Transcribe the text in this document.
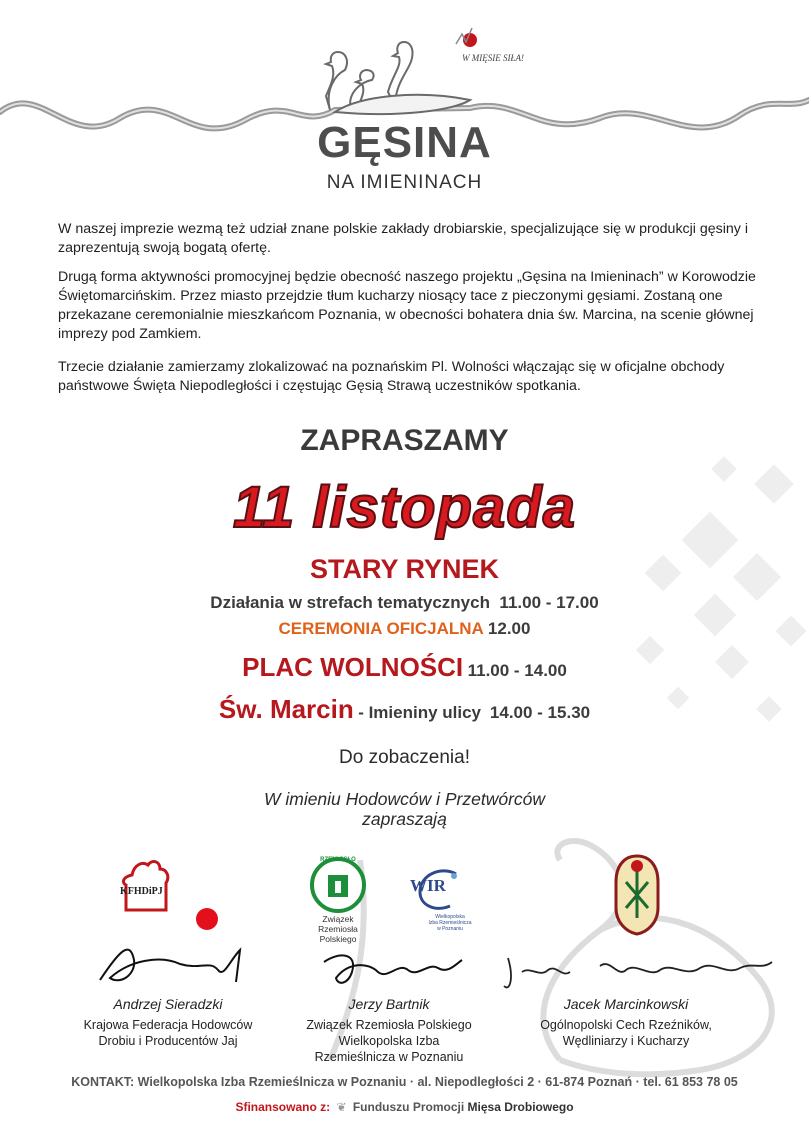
W MIĘSIE SIŁA!
GĘSINA
NA IMIENINACH
W naszej imprezie wezmą też udział znane polskie zakłady drobiarskie, specjalizujące się w produkcji gęsiny i zaprezentują swoją bogatą ofertę.
Drugą forma aktywności promocyjnej będzie obecność naszego projektu „Gęsina na Imieninach” w Korowodzie Świętomarcińskim. Przez miasto przejdzie tłum kucharzy niosący tace z pieczonymi gęsiami. Zostaną one przekazane ceremonialnie mieszkańcom Poznania, w obecności bohatera dnia św. Marcina, na scenie głównej imprezy pod Zamkiem.
Trzecie działanie zamierzamy zlokalizować na poznańskim Pl. Wolności włączając się w oficjalne obchody państwowe Święta Niepodległości i częstując Gęsią Strawą uczestników spotkania.
ZAPRASZAMY
11 listopada
STARY RYNEK
Działania w strefach tematycznych 11.00 - 17.00
CEREMONIA OFICJALNA 12.00
PLAC WOLNOŚCI 11.00 - 14.00
Św. Marcin - Imieniny ulicy 14.00 - 15.30
Do zobaczenia!
W imieniu Hodowców i Przetwórców
zapraszają
KFHDiPJ
RZEMIOSŁO
Związek
Rzemiosła
Polskiego
WIR
Wielkopolska
Izba Rzemieślnicza
w Poznaniu
Andrzej Sieradzki
Krajowa Federacja Hodowców
Drobiu i Producentów Jaj
Jerzy Bartnik
Związek Rzemiosła Polskiego
Wielkopolska Izba
Rzemieślnicza w Poznaniu
Jacek Marcinkowski
Ogólnopolski Cech Rzeźników,
Wędliniarzy i Kucharzy
KONTAKT: Wielkopolska Izba Rzemieślnicza w Poznaniu · al. Niepodległości 2 · 61-874 Poznań · tel. 61 853 78 05
Sfinansowano z: ❦ Funduszu Promocji Mięsa Drobiowego
